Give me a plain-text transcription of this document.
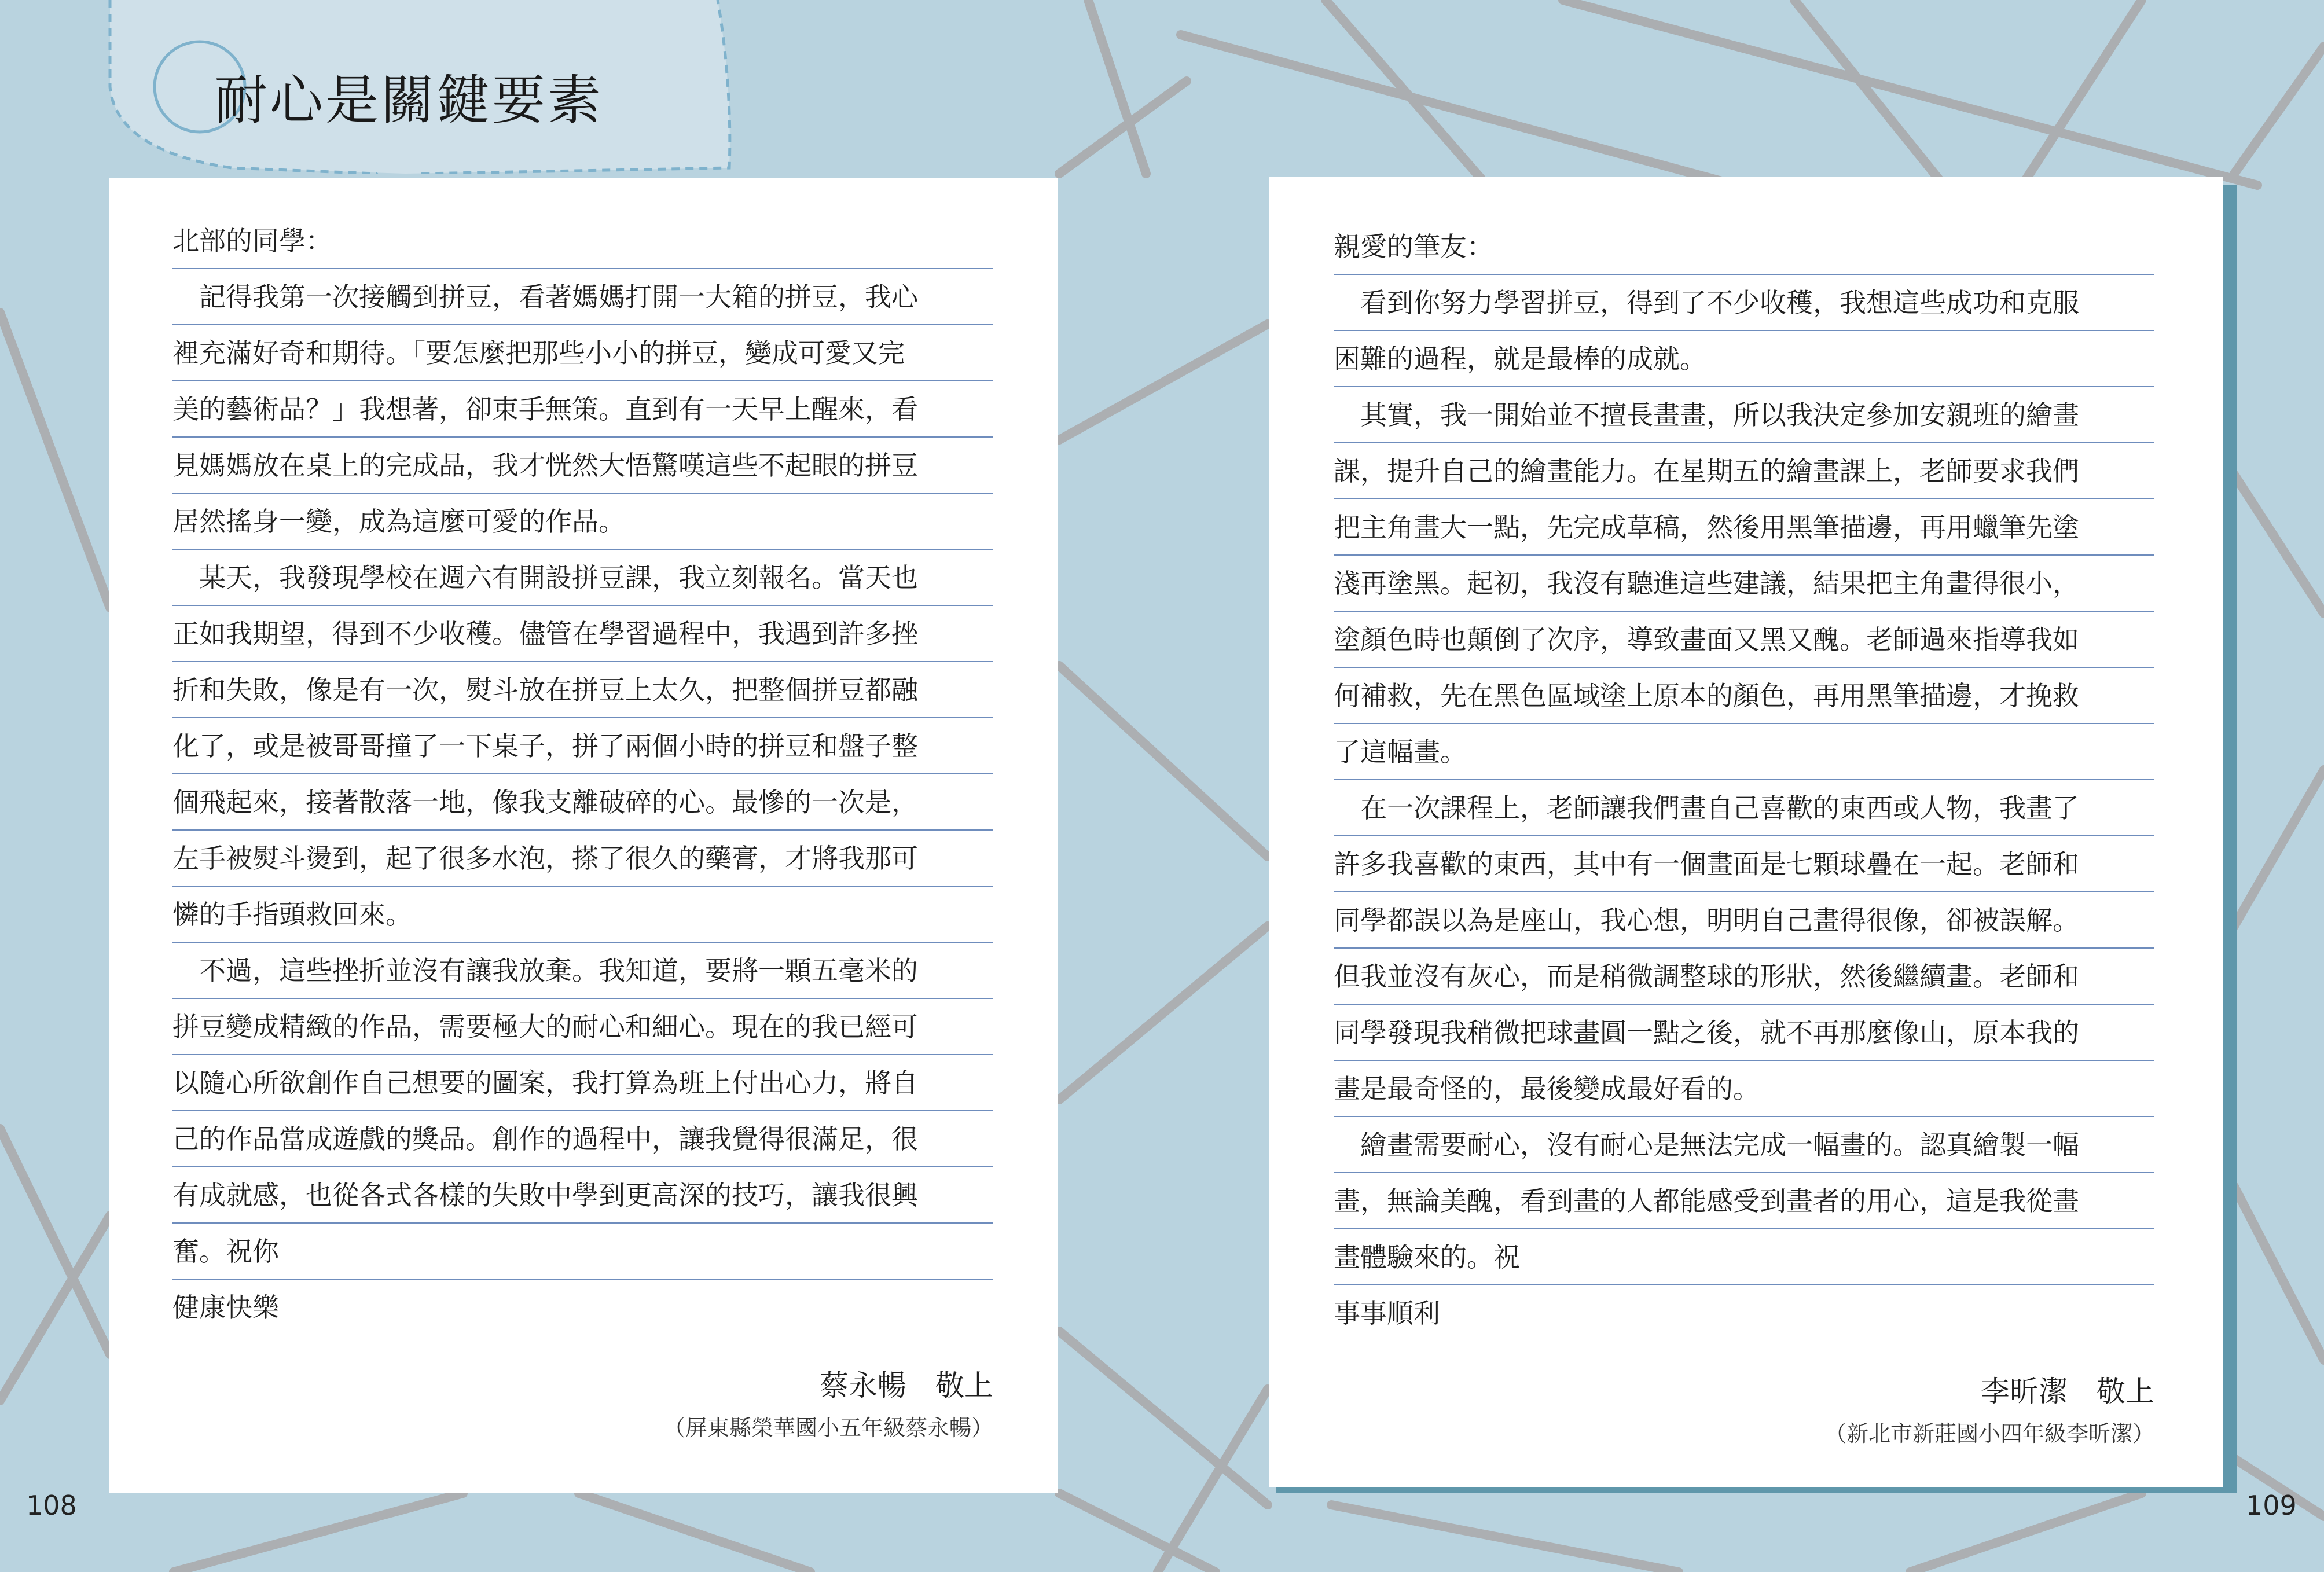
耐心是關鍵要素
北部的同學：
　記得我第一次接觸到拼豆，看著媽媽打開一大箱的拼豆，我心
裡充滿好奇和期待。「要怎麼把那些小小的拼豆，變成可愛又完
美的藝術品？」我想著，卻束手無策。直到有一天早上醒來，看
見媽媽放在桌上的完成品，我才恍然大悟驚嘆這些不起眼的拼豆
居然搖身一變，成為這麼可愛的作品。
　某天，我發現學校在週六有開設拼豆課，我立刻報名。當天也
正如我期望，得到不少收穫。儘管在學習過程中，我遇到許多挫
折和失敗，像是有一次，熨斗放在拼豆上太久，把整個拼豆都融
化了，或是被哥哥撞了一下桌子，拼了兩個小時的拼豆和盤子整
個飛起來，接著散落一地，像我支離破碎的心。最慘的一次是，
左手被熨斗燙到，起了很多水泡，搽了很久的藥膏，才將我那可
憐的手指頭救回來。
　不過，這些挫折並沒有讓我放棄。我知道，要將一顆五毫米的
拼豆變成精緻的作品，需要極大的耐心和細心。現在的我已經可
以隨心所欲創作自己想要的圖案，我打算為班上付出心力，將自
己的作品當成遊戲的獎品。創作的過程中，讓我覺得很滿足，很
有成就感，也從各式各樣的失敗中學到更高深的技巧，讓我很興
奮。祝你
健康快樂
蔡永暢　敬上
（屏東縣榮華國小五年級蔡永暢）
親愛的筆友：
　看到你努力學習拼豆，得到了不少收穫，我想這些成功和克服
困難的過程，就是最棒的成就。
　其實，我一開始並不擅長畫畫，所以我決定參加安親班的繪畫
課，提升自己的繪畫能力。在星期五的繪畫課上，老師要求我們
把主角畫大一點，先完成草稿，然後用黑筆描邊，再用蠟筆先塗
淺再塗黑。起初，我沒有聽進這些建議，結果把主角畫得很小，
塗顏色時也顛倒了次序，導致畫面又黑又醜。老師過來指導我如
何補救，先在黑色區域塗上原本的顏色，再用黑筆描邊，才挽救
了這幅畫。
　在一次課程上，老師讓我們畫自己喜歡的東西或人物，我畫了
許多我喜歡的東西，其中有一個畫面是七顆球疊在一起。老師和
同學都誤以為是座山，我心想，明明自己畫得很像，卻被誤解。
但我並沒有灰心，而是稍微調整球的形狀，然後繼續畫。老師和
同學發現我稍微把球畫圓一點之後，就不再那麼像山，原本我的
畫是最奇怪的，最後變成最好看的。
　繪畫需要耐心，沒有耐心是無法完成一幅畫的。認真繪製一幅
畫，無論美醜，看到畫的人都能感受到畫者的用心，這是我從畫
畫體驗來的。祝
事事順利
李昕潔　敬上
（新北市新莊國小四年級李昕潔）
108	109
